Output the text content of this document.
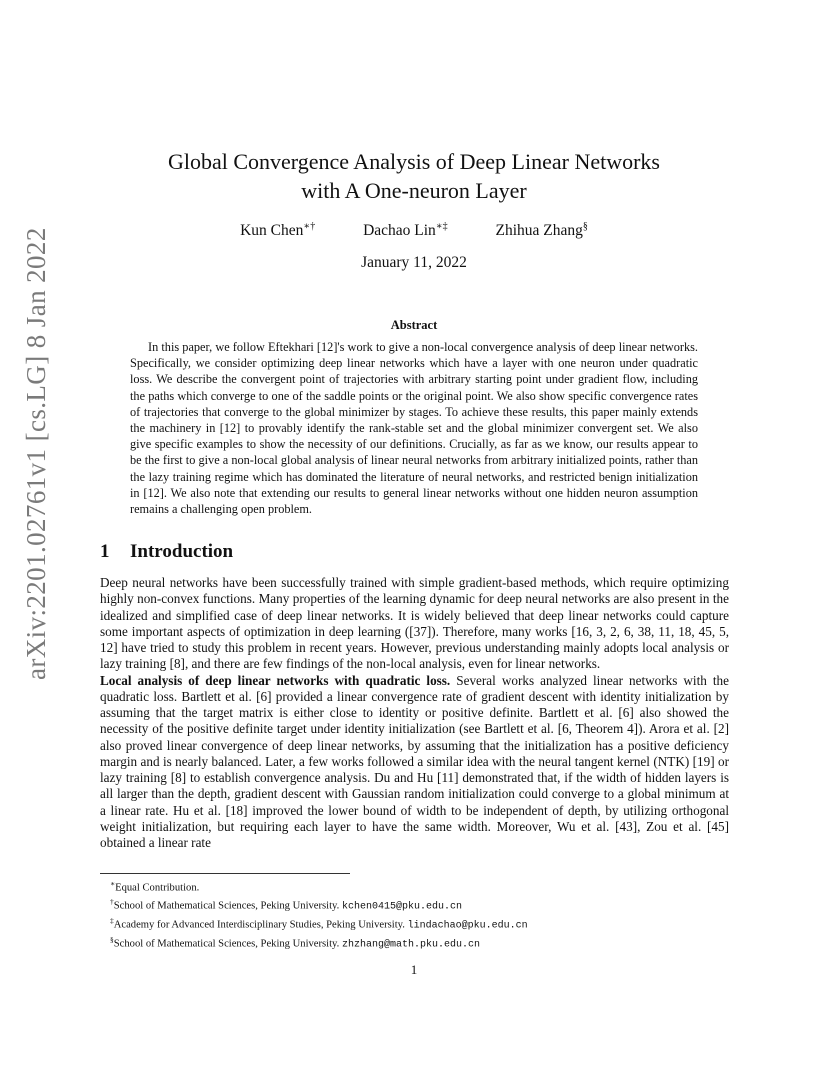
arXiv:2201.02761v1 [cs.LG] 8 Jan 2022
Global Convergence Analysis of Deep Linear Networks
with A One-neuron Layer
Kun Chen∗†	Dachao Lin∗‡	Zhihua Zhang§
January 11, 2022
Abstract

In this paper, we follow Eftekhari [12]'s work to give a non-local convergence analysis of deep linear networks. Specifically, we consider optimizing deep linear networks which have a layer with one neuron under quadratic loss. We describe the convergent point of trajectories with arbitrary starting point under gradient flow, including the paths which converge to one of the saddle points or the original point. We also show specific convergence rates of trajectories that converge to the global minimizer by stages. To achieve these results, this paper mainly extends the machinery in [12] to provably identify the rank-stable set and the global minimizer convergent set. We also give specific examples to show the necessity of our definitions. Crucially, as far as we know, our results appear to be the first to give a non-local global analysis of linear neural networks from arbitrary initialized points, rather than the lazy training regime which has dominated the literature of neural networks, and restricted benign initialization in [12]. We also note that extending our results to general linear networks without one hidden neuron assumption remains a challenging open problem.

1 Introduction

Deep neural networks have been successfully trained with simple gradient-based methods, which require optimizing highly non-convex functions. Many properties of the learning dynamic for deep neural networks are also present in the idealized and simplified case of deep linear networks. It is widely believed that deep linear networks could capture some important aspects of optimization in deep learning ([37]). Therefore, many works [16, 3, 2, 6, 38, 11, 18, 45, 5, 12] have tried to study this problem in recent years. However, previous understanding mainly adopts local analysis or lazy training [8], and there are few findings of the non-local analysis, even for linear networks.

Local analysis of deep linear networks with quadratic loss. Several works analyzed linear networks with the quadratic loss. Bartlett et al. [6] provided a linear convergence rate of gradient descent with identity initialization by assuming that the target matrix is either close to identity or positive definite. Bartlett et al. [6] also showed the necessity of the positive definite target under identity initialization (see Bartlett et al. [6, Theorem 4]). Arora et al. [2] also proved linear convergence of deep linear networks, by assuming that the initialization has a positive deficiency margin and is nearly balanced. Later, a few works followed a similar idea with the neural tangent kernel (NTK) [19] or lazy training [8] to establish convergence analysis. Du and Hu [11] demonstrated that, if the width of hidden layers is all larger than the depth, gradient descent with Gaussian random initialization could converge to a global minimum at a linear rate. Hu et al. [18] improved the lower bound of width to be independent of depth, by utilizing orthogonal weight initialization, but requiring each layer to have the same width. Moreover, Wu et al. [43], Zou et al. [45] obtained a linear rate

∗Equal Contribution.
†School of Mathematical Sciences, Peking University. kchen0415@pku.edu.cn
‡Academy for Advanced Interdisciplinary Studies, Peking University. lindachao@pku.edu.cn
§School of Mathematical Sciences, Peking University. zhzhang@math.pku.edu.cn
1
